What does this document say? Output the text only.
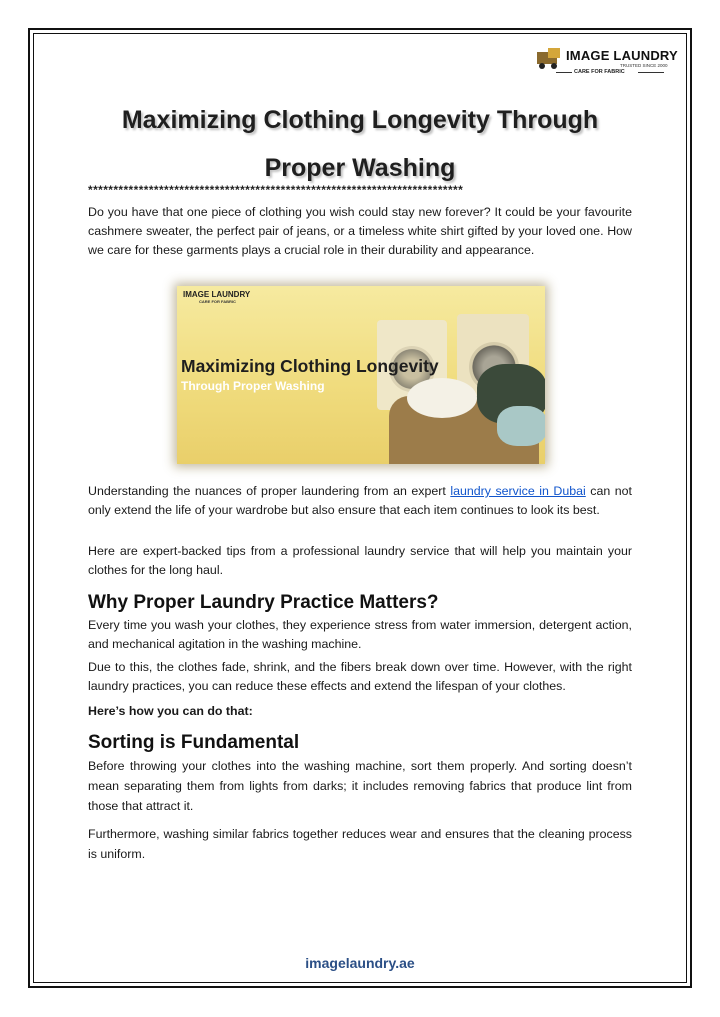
IMAGE LAUNDRY
TRUSTED SINCE 2000
CARE FOR FABRIC
Maximizing Clothing Longevity Through Proper Washing
**************************************************************************

Do you have that one piece of clothing you wish could stay new forever? It could be your favourite cashmere sweater, the perfect pair of jeans, or a timeless white shirt gifted by your loved one. How we care for these garments plays a crucial role in their durability and appearance.

IMAGE LAUNDRY
CARE FOR FABRIC
Maximizing Clothing Longevity
Through Proper Washing

Understanding the nuances of proper laundering from an expert laundry service in Dubai can not only extend the life of your wardrobe but also ensure that each item continues to look its best.

Here are expert-backed tips from a professional laundry service that will help you maintain your clothes for the long haul.

Why Proper Laundry Practice Matters?

Every time you wash your clothes, they experience stress from water immersion, detergent action, and mechanical agitation in the washing machine.

Due to this, the clothes fade, shrink, and the fibers break down over time. However, with the right laundry practices, you can reduce these effects and extend the lifespan of your clothes.

Here’s how you can do that:

Sorting is Fundamental

Before throwing your clothes into the washing machine, sort them properly. And sorting doesn’t mean separating them from lights from darks; it includes removing fabrics that produce lint from those that attract it.

Furthermore, washing similar fabrics together reduces wear and ensures that the cleaning process is uniform.

imagelaundry.ae
